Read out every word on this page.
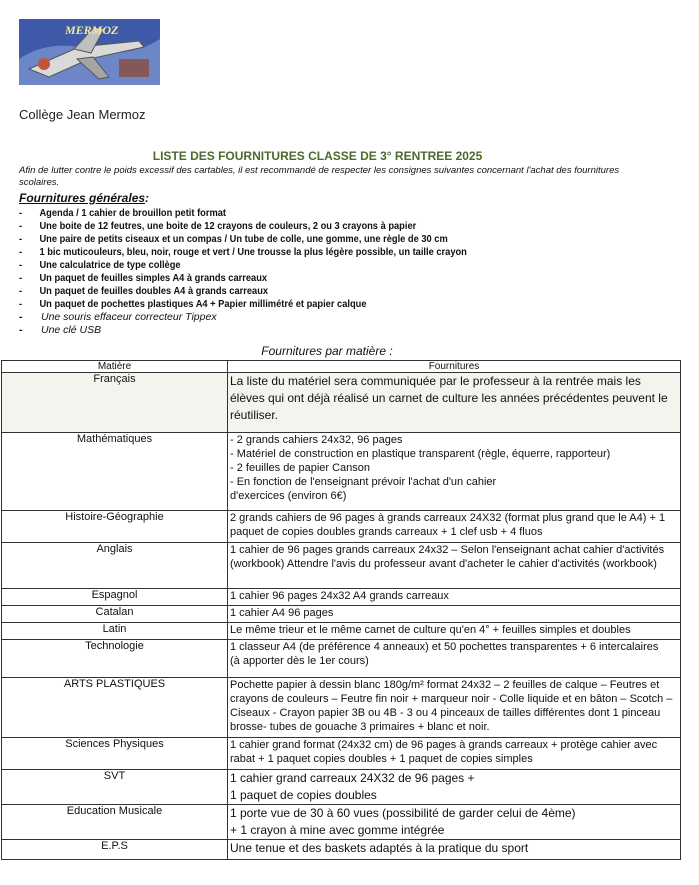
MERMOZ
Collège Jean Mermoz
LISTE DES FOURNITURES CLASSE DE 3° RENTREE 2025
Afin de lutter contre le poids excessif des cartables, il est recommandé de respecter les consignes suivantes concernant l'achat des fournitures scolaires.
Fournitures générales:
- Agenda / 1 cahier de brouillon petit format
- Une boite de 12 feutres, une boite de 12 crayons de couleurs, 2 ou 3 crayons à papier
- Une paire de petits ciseaux et un compas / Un tube de colle, une gomme, une règle de 30 cm
- 1 bic muticouleurs, bleu, noir, rouge et vert / Une trousse la plus légère possible, un taille crayon
- Une calculatrice de type collège
- Un paquet de feuilles simples A4 à grands carreaux
- Un paquet de feuilles doubles A4 à grands carreaux
- Un paquet de pochettes plastiques A4 + Papier millimétré et papier calque
- Une souris effaceur correcteur Tippex
- Une clé USB
Fournitures par matière :
Matière	Fournitures
Français	La liste du matériel sera communiquée par le professeur à la rentrée mais les élèves qui ont déjà réalisé un carnet de culture les années précédentes peuvent le réutiliser.

Mathématiques	- 2 grands cahiers 24x32, 96 pages
- Matériel de construction en plastique transparent (règle, équerre, rapporteur)
- 2 feuilles de papier Canson
- En fonction de l'enseignant prévoir l'achat d'un cahier
d'exercices (environ 6€)

Histoire-Géographie	2 grands cahiers de 96 pages à grands carreaux 24X32 (format plus grand que le A4) + 1 paquet de copies doubles grands carreaux + 1 clef usb + 4 fluos

Anglais	1 cahier de 96 pages grands carreaux 24x32 – Selon l'enseignant achat cahier d'activités (workbook) Attendre l'avis du professeur avant d'acheter le cahier d'activités (workbook)

Espagnol	1 cahier 96 pages 24x32 A4 grands carreaux

Catalan	1 cahier A4 96 pages

Latin	Le même trieur et le même carnet de culture qu'en 4° + feuilles simples et doubles

Technologie	1 classeur A4 (de préférence 4 anneaux) et 50 pochettes transparentes + 6 intercalaires
(à apporter dès le 1er cours)

ARTS PLASTIQUES	Pochette papier à dessin blanc 180g/m² format 24x32 – 2 feuilles de calque – Feutres et crayons de couleurs – Feutre fin noir + marqueur noir - Colle liquide et en bâton – Scotch – Ciseaux - Crayon papier 3B ou 4B - 3 ou 4 pinceaux de tailles différentes dont 1 pinceau brosse- tubes de gouache 3 primaires + blanc et noir.

Sciences Physiques	1 cahier grand format (24x32 cm) de 96 pages à grands carreaux + protège cahier avec rabat + 1 paquet copies doubles + 1 paquet de copies simples

SVT	1 cahier grand carreaux 24X32 de 96 pages +
1 paquet de copies doubles

Education Musicale	1 porte vue de 30 à 60 vues (possibilité de garder celui de 4ème)
+ 1 crayon à mine avec gomme intégrée

E.P.S	Une tenue et des baskets adaptés à la pratique du sport
